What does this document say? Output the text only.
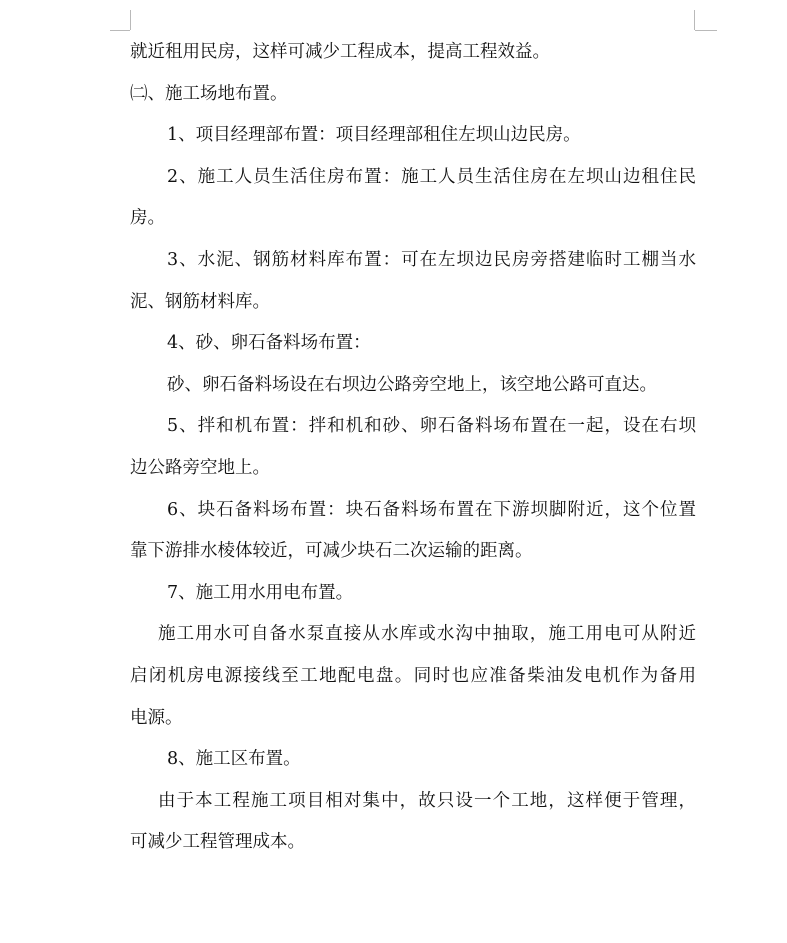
就近租用民房，这样可减少工程成本，提高工程效益。
㈡、施工场地布置。
1、项目经理部布置：项目经理部租住左坝山边民房。
2、施工人员生活住房布置：施工人员生活住房在左坝山边租住民
房。
3、水泥、钢筋材料库布置：可在左坝边民房旁搭建临时工棚当水
泥、钢筋材料库。
4、砂、卵石备料场布置：
砂、卵石备料场设在右坝边公路旁空地上，该空地公路可直达。
5、拌和机布置：拌和机和砂、卵石备料场布置在一起，设在右坝
边公路旁空地上。
6、块石备料场布置：块石备料场布置在下游坝脚附近，这个位置
靠下游排水棱体较近，可减少块石二次运输的距离。
7、施工用水用电布置。
施工用水可自备水泵直接从水库或水沟中抽取，施工用电可从附近
启闭机房电源接线至工地配电盘。同时也应准备柴油发电机作为备用
电源。
8、施工区布置。
由于本工程施工项目相对集中，故只设一个工地，这样便于管理，
可减少工程管理成本。
